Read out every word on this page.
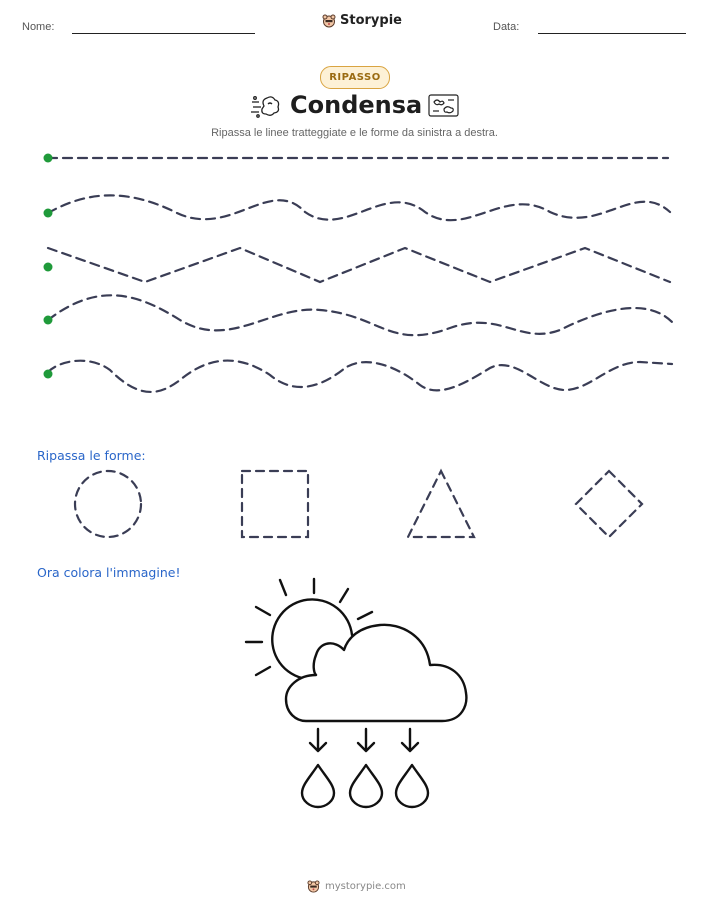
Nome:	Storypie	Data:
RIPASSO
Condensa
Ripassa le linee tratteggiate e le forme da sinistra a destra.
Ripassa le forme:
Ora colora l'immagine!
mystorypie.com
